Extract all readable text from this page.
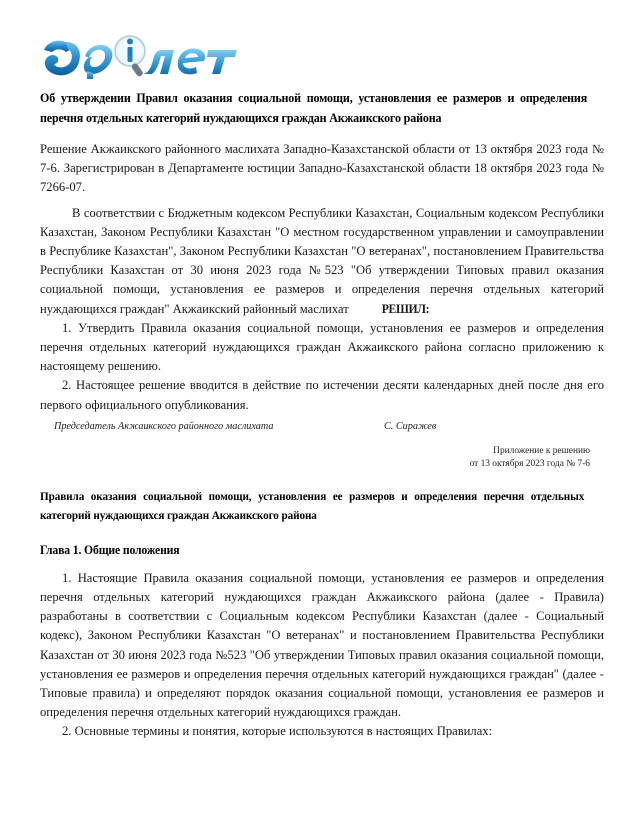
Об утверждении Правил оказания социальной помощи, установления ее размеров и определения перечня отдельных категорий нуждающихся граждан Акжаикского района

Решение Акжаикского районного маслихата Западно-Казахстанской области от 13 октября 2023 года № 7-6. Зарегистрирован в Департаменте юстиции Западно-Казахстанской области 18 октября 2023 года № 7266-07.

В соответствии с Бюджетным кодексом Республики Казахстан, Социальным кодексом Республики Казахстан, Законом Республики Казахстан "О местном государственном управлении и самоуправлении в Республике Казахстан", Законом Республики Казахстан "О ветеранах", постановлением Правительства Республики Казахстан от 30 июня 2023 года №523 "Об утверждении Типовых правил оказания социальной помощи, установления ее размеров и определения перечня отдельных категорий нуждающихся граждан" Акжаикский районный маслихат РЕШИЛ:

1. Утвердить Правила оказания социальной помощи, установления ее размеров и определения перечня отдельных категорий нуждающихся граждан Акжаикского района согласно приложению к настоящему решению.

2. Настоящее решение вводится в действие по истечении десяти календарных дней после дня его первого официального опубликования.

Председатель Акжаикского районного маслихата	С. Сиражев
Приложение к решению
от 13 октября 2023 года № 7-6
Правила оказания социальной помощи, установления ее размеров и определения перечня отдельных категорий нуждающихся граждан Акжаикского района
Глава 1. Общие положения

1. Настоящие Правила оказания социальной помощи, установления ее размеров и определения перечня отдельных категорий нуждающихся граждан Акжаикского района (далее - Правила) разработаны в соответствии с Социальным кодексом Республики Казахстан (далее - Социальный кодекс), Законом Республики Казахстан "О ветеранах" и постановлением Правительства Республики Казахстан от 30 июня 2023 года №523 "Об утверждении Типовых правил оказания социальной помощи, установления ее размеров и определения перечня отдельных категорий нуждающихся граждан" (далее - Типовые правила) и определяют порядок оказания социальной помощи, установления ее размеров и определения перечня отдельных категорий нуждающихся граждан.

2. Основные термины и понятия, которые используются в настоящих Правилах:
